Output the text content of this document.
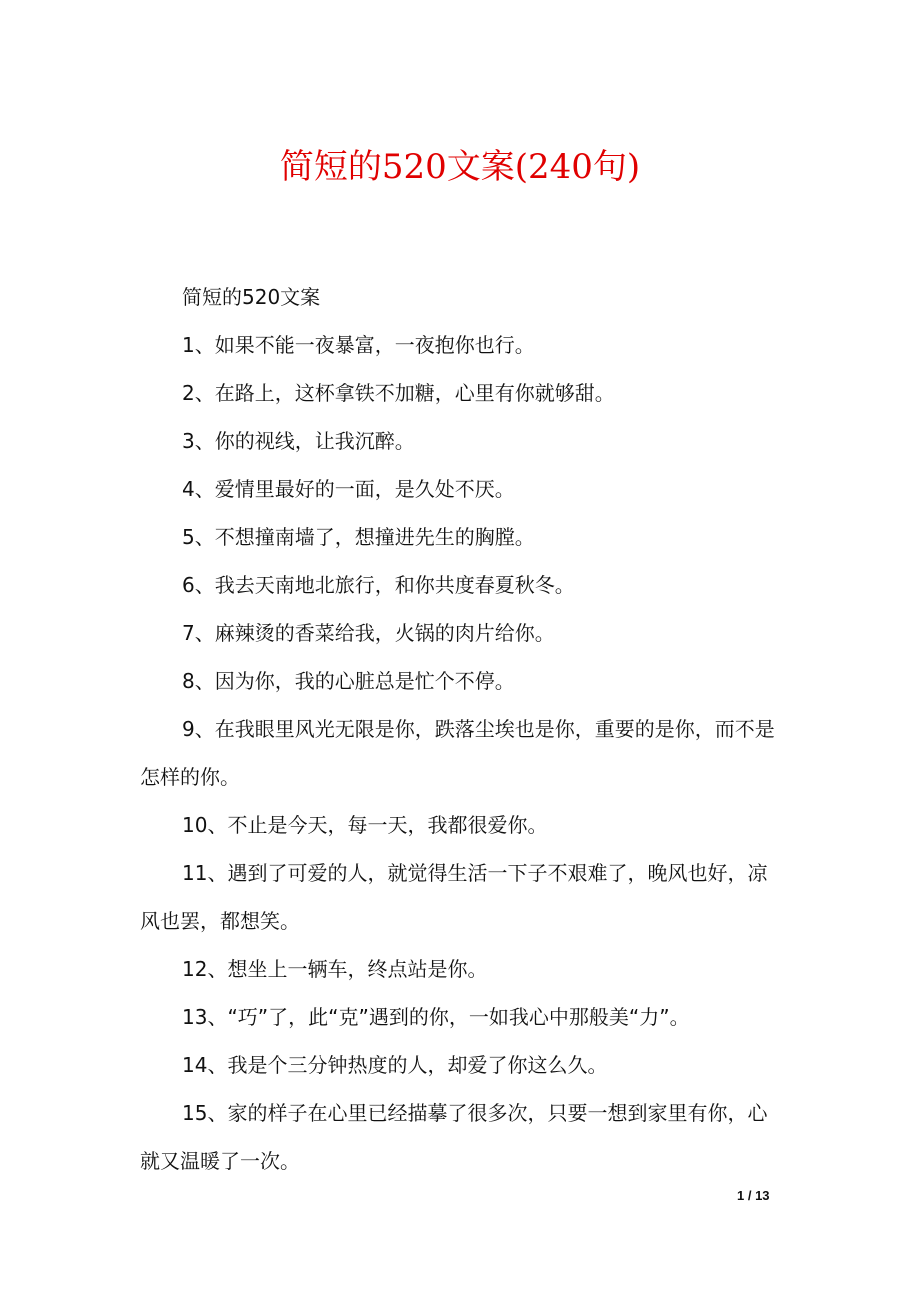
简短的520文案(240句)

简短的520文案

1、如果不能一夜暴富，一夜抱你也行。

2、在路上，这杯拿铁不加糖，心里有你就够甜。

3、你的视线，让我沉醉。

4、爱情里最好的一面，是久处不厌。

5、不想撞南墙了，想撞进先生的胸膛。

6、我去天南地北旅行，和你共度春夏秋冬。

7、麻辣烫的香菜给我，火锅的肉片给你。

8、因为你，我的心脏总是忙个不停。

9、在我眼里风光无限是你，跌落尘埃也是你，重要的是你，而不是怎样的你。

10、不止是今天，每一天，我都很爱你。

11、遇到了可爱的人，就觉得生活一下子不艰难了，晚风也好，凉风也罢，都想笑。

12、想坐上一辆车，终点站是你。

13、“巧”了，此“克”遇到的你，一如我心中那般美“力”。

14、我是个三分钟热度的人，却爱了你这么久。

15、家的样子在心里已经描摹了很多次，只要一想到家里有你，心就又温暖了一次。

1 / 13
